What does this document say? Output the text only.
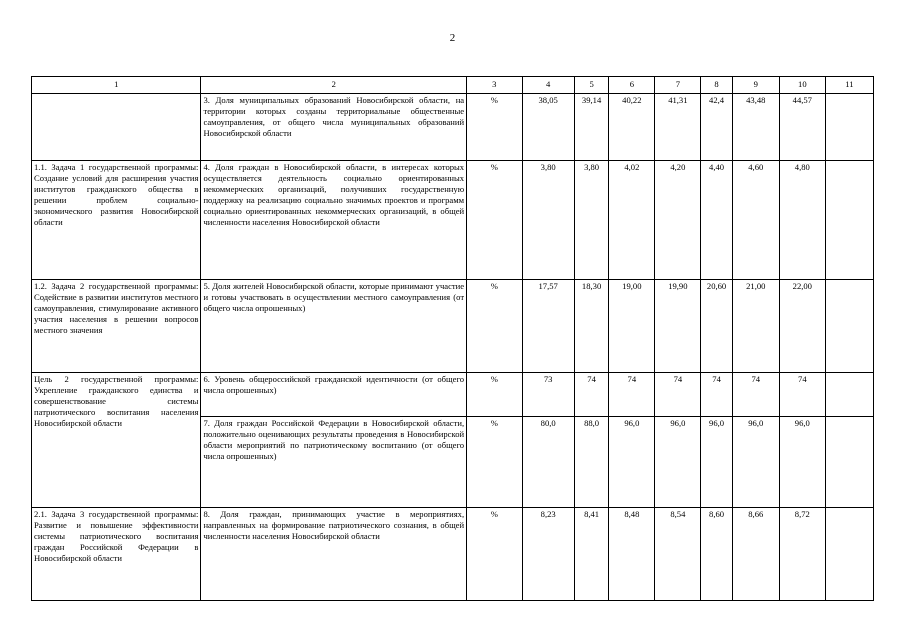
2
1	2	3	4	5	6	7	8	9	10	11
	3. Доля муниципальных образований Новосибирской области, на территории которых созданы территориальные общественные самоуправления, от общего числа муниципальных образований Новосибирской области	%	38,05	39,14	40,22	41,31	42,4	43,48	44,57	
1.1. Задача 1 государственной программы: Создание условий для расширения участия институтов гражданского общества в решении проблем социально-экономического развития Новосибирской области	4. Доля граждан в Новосибирской области, в интересах которых осуществляется деятельность социально ориентированных некоммерческих организаций, получивших государственную поддержку на реализацию социально значимых проектов и программ социально ориентированных некоммерческих организаций, в общей численности населения Новосибирской области	%	3,80	3,80	4,02	4,20	4,40	4,60	4,80	
1.2. Задача 2 государственной программы: Содействие в развитии институтов местного самоуправления, стимулирование активного участия населения в решении вопросов местного значения	5. Доля жителей Новосибирской области, которые принимают участие и готовы участвовать в осуществлении местного самоуправления (от общего числа опрошенных)	%	17,57	18,30	19,00	19,90	20,60	21,00	22,00	
Цель 2 государственной программы: Укрепление гражданского единства и совершенствование системы патриотического воспитания населения Новосибирской области	6. Уровень общероссийской гражданской идентичности (от общего числа опрошенных)	%	73	74	74	74	74	74	74	
	7. Доля граждан Российской Федерации в Новосибирской области, положительно оценивающих результаты проведения в Новосибирской области мероприятий по патриотическому воспитанию (от общего числа опрошенных)	%	80,0	88,0	96,0	96,0	96,0	96,0	96,0	
2.1. Задача 3 государственной программы: Развитие и повышение эффективности системы патриотического воспитания граждан Российской Федерации в Новосибирской области	8. Доля граждан, принимающих участие в мероприятиях, направленных на формирование патриотического сознания, в общей численности населения Новосибирской области	%	8,23	8,41	8,48	8,54	8,60	8,66	8,72	
